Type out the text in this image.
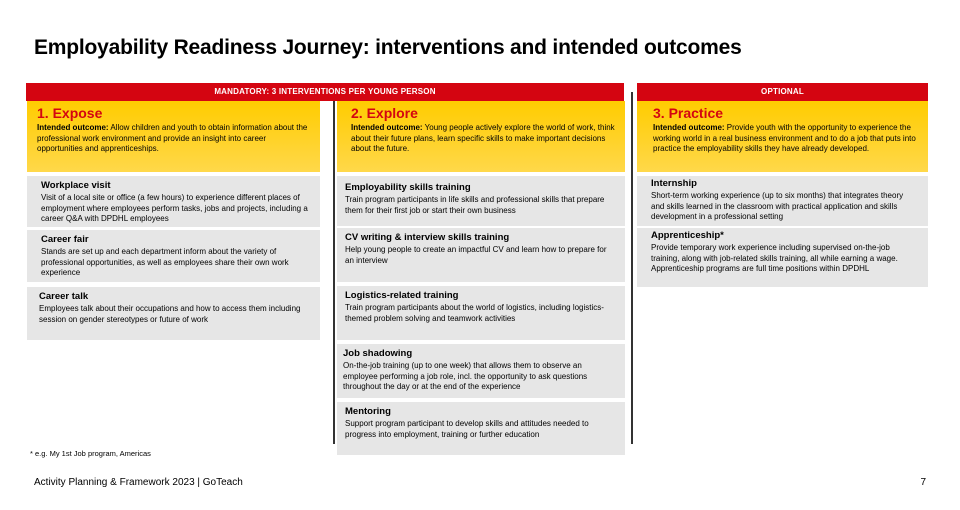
Employability Readiness Journey: interventions and intended outcomes
MANDATORY: 3 INTERVENTIONS PER YOUNG PERSON	OPTIONAL
1. Expose
Intended outcome: Allow children and youth to obtain information about the professional work environment and provide an insight into career opportunities and apprenticeships.
Workplace visit
Visit of a local site or office (a few hours) to experience different places of employment where employees perform tasks, jobs and projects, including a career Q&A with DPDHL employees
Career fair
Stands are set up and each department inform about the variety of professional opportunities, as well as employees share their own work experience
Career talk
Employees talk about their occupations and how to access them including session on gender stereotypes or future of work
2. Explore
Intended outcome: Young people actively explore the world of work, think about their future plans, learn specific skills to make important decisions about the future.
Employability skills training
Train program participants in life skills and professional skills that prepare them for their first job or start their own business
CV writing & interview skills training
Help young people to create an impactful CV and learn how to prepare for an interview
Logistics-related training
Train program participants about the world of logistics, including logistics-themed problem solving and teamwork activities
Job shadowing
On-the-job training (up to one week) that allows them to observe an employee performing a job role, incl. the opportunity to ask questions throughout the day or at the end of the experience
Mentoring
Support program participant to develop skills and attitudes needed to progress into employment, training or further education
3. Practice
Intended outcome: Provide youth with the opportunity to experience the working world in a real business environment and to do a job that puts into practice the employability skills they have already developed.
Internship
Short-term working experience (up to six months) that integrates theory and skills learned in the classroom with practical application and skills development in a professional setting
Apprenticeship*
Provide temporary work experience including supervised on-the-job training, along with job-related skills training, all while earning a wage. Apprenticeship programs are full time positions within DPDHL
* e.g. My 1st Job program, Americas
Activity Planning & Framework 2023 | GoTeach	7
